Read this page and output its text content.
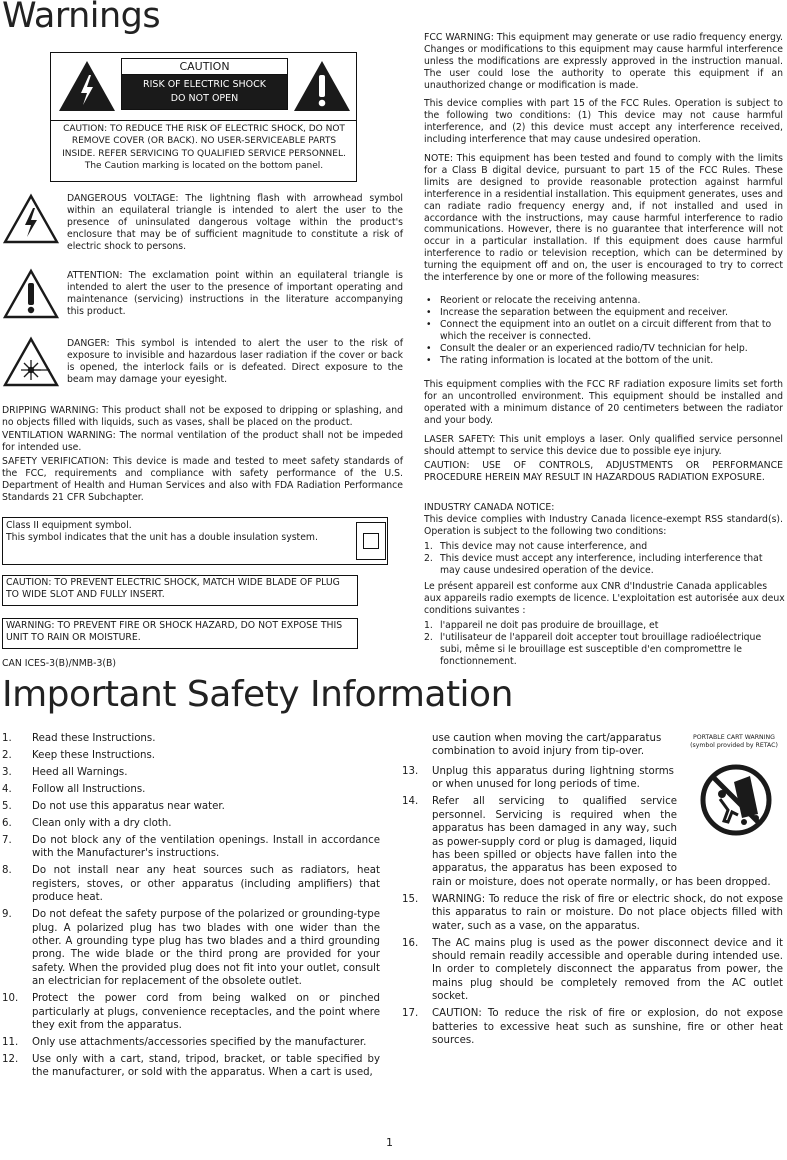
Warnings
CAUTION
RISK OF ELECTRIC SHOCK
DO NOT OPEN
CAUTION: TO REDUCE THE RISK OF ELECTRIC SHOCK, DO NOT
REMOVE COVER (OR BACK). NO USER-SERVICEABLE PARTS
INSIDE. REFER SERVICING TO QUALIFIED SERVICE PERSONNEL.
The Caution marking is located on the bottom panel.
DANGEROUS VOLTAGE: The lightning flash with arrowhead symbol within an equilateral triangle is intended to alert the user to the presence of uninsulated dangerous voltage within the product's enclosure that may be of sufficient magnitude to constitute a risk of electric shock to persons.
ATTENTION: The exclamation point within an equilateral triangle is intended to alert the user to the presence of important operating and maintenance (servicing) instructions in the literature accompanying this product.
DANGER: This symbol is intended to alert the user to the risk of exposure to invisible and hazardous laser radiation if the cover or back is opened, the interlock fails or is defeated. Direct exposure to the beam may damage your eyesight.
DRIPPING WARNING: This product shall not be exposed to dripping or splashing, and no objects filled with liquids, such as vases, shall be placed on the product.
VENTILATION WARNING: The normal ventilation of the product shall not be impeded for intended use.
SAFETY VERIFICATION: This device is made and tested to meet safety standards of the FCC, requirements and compliance with safety performance of the U.S. Department of Health and Human Services and also with FDA Radiation Performance Standards 21 CFR Subchapter.
Class II equipment symbol.
This symbol indicates that the unit has a double insulation system.
CAUTION: TO PREVENT ELECTRIC SHOCK, MATCH WIDE BLADE OF PLUG TO WIDE SLOT AND FULLY INSERT.
WARNING: TO PREVENT FIRE OR SHOCK HAZARD, DO NOT EXPOSE THIS UNIT TO RAIN OR MOISTURE.
CAN ICES-3(B)/NMB-3(B)
FCC WARNING: This equipment may generate or use radio frequency energy. Changes or modifications to this equipment may cause harmful interference unless the modifications are expressly approved in the instruction manual. The user could lose the authority to operate this equipment if an unauthorized change or modification is made.
This device complies with part 15 of the FCC Rules. Operation is subject to the following two conditions: (1) This device may not cause harmful interference, and (2) this device must accept any interference received, including interference that may cause undesired operation.
NOTE: This equipment has been tested and found to comply with the limits for a Class B digital device, pursuant to part 15 of the FCC Rules. These limits are designed to provide reasonable protection against harmful interference in a residential installation. This equipment generates, uses and can radiate radio frequency energy and, if not installed and used in accordance with the instructions, may cause harmful interference to radio communications. However, there is no guarantee that interference will not occur in a particular installation. If this equipment does cause harmful interference to radio or television reception, which can be determined by turning the equipment off and on, the user is encouraged to try to correct the interference by one or more of the following measures:
• Reorient or relocate the receiving antenna.
• Increase the separation between the equipment and receiver.
• Connect the equipment into an outlet on a circuit different from that to which the receiver is connected.
• Consult the dealer or an experienced radio/TV technician for help.
• The rating information is located at the bottom of the unit.
This equipment complies with the FCC RF radiation exposure limits set forth for an uncontrolled environment. This equipment should be installed and operated with a minimum distance of 20 centimeters between the radiator and your body.
LASER SAFETY: This unit employs a laser. Only qualified service personnel should attempt to service this device due to possible eye injury.
CAUTION: USE OF CONTROLS, ADJUSTMENTS OR PERFORMANCE PROCEDURE HEREIN MAY RESULT IN HAZARDOUS RADIATION EXPOSURE.
INDUSTRY CANADA NOTICE:
This device complies with Industry Canada licence-exempt RSS standard(s). Operation is subject to the following two conditions:
1. This device may not cause interference, and
2. This device must accept any interference, including interference that may cause undesired operation of the device.
Le présent appareil est conforme aux CNR d'Industrie Canada applicables aux appareils radio exempts de licence. L'exploitation est autorisée aux deux conditions suivantes :
1. l'appareil ne doit pas produire de brouillage, et
2. l'utilisateur de l'appareil doit accepter tout brouillage radioélectrique subi, même si le brouillage est susceptible d'en compromettre le fonctionnement.
Important Safety Information
1. Read these Instructions.
2. Keep these Instructions.
3. Heed all Warnings.
4. Follow all Instructions.
5. Do not use this apparatus near water.
6. Clean only with a dry cloth.
7. Do not block any of the ventilation openings. Install in accordance with the Manufacturer's instructions.
8. Do not install near any heat sources such as radiators, heat registers, stoves, or other apparatus (including amplifiers) that produce heat.
9. Do not defeat the safety purpose of the polarized or grounding-type plug. A polarized plug has two blades with one wider than the other. A grounding type plug has two blades and a third grounding prong. The wide blade or the third prong are provided for your safety. When the provided plug does not fit into your outlet, consult an electrician for replacement of the obsolete outlet.
10. Protect the power cord from being walked on or pinched particularly at plugs, convenience receptacles, and the point where they exit from the apparatus.
11. Only use attachments/accessories specified by the manufacturer.
12. Use only with a cart, stand, tripod, bracket, or table specified by the manufacturer, or sold with the apparatus. When a cart is used,
use caution when moving the cart/apparatus combination to avoid injury from tip-over.
PORTABLE CART WARNING
(symbol provided by RETAC)
13. Unplug this apparatus during lightning storms or when unused for long periods of time.
14. Refer all servicing to qualified service personnel. Servicing is required when the apparatus has been damaged in any way, such as power-supply cord or plug is damaged, liquid has been spilled or objects have fallen into the apparatus, the apparatus has been exposed to rain or moisture, does not operate normally, or has been dropped.
15. WARNING: To reduce the risk of fire or electric shock, do not expose this apparatus to rain or moisture. Do not place objects filled with water, such as a vase, on the apparatus.
16. The AC mains plug is used as the power disconnect device and it should remain readily accessible and operable during intended use. In order to completely disconnect the apparatus from power, the mains plug should be completely removed from the AC outlet socket.
17. CAUTION: To reduce the risk of fire or explosion, do not expose batteries to excessive heat such as sunshine, fire or other heat sources.
1
